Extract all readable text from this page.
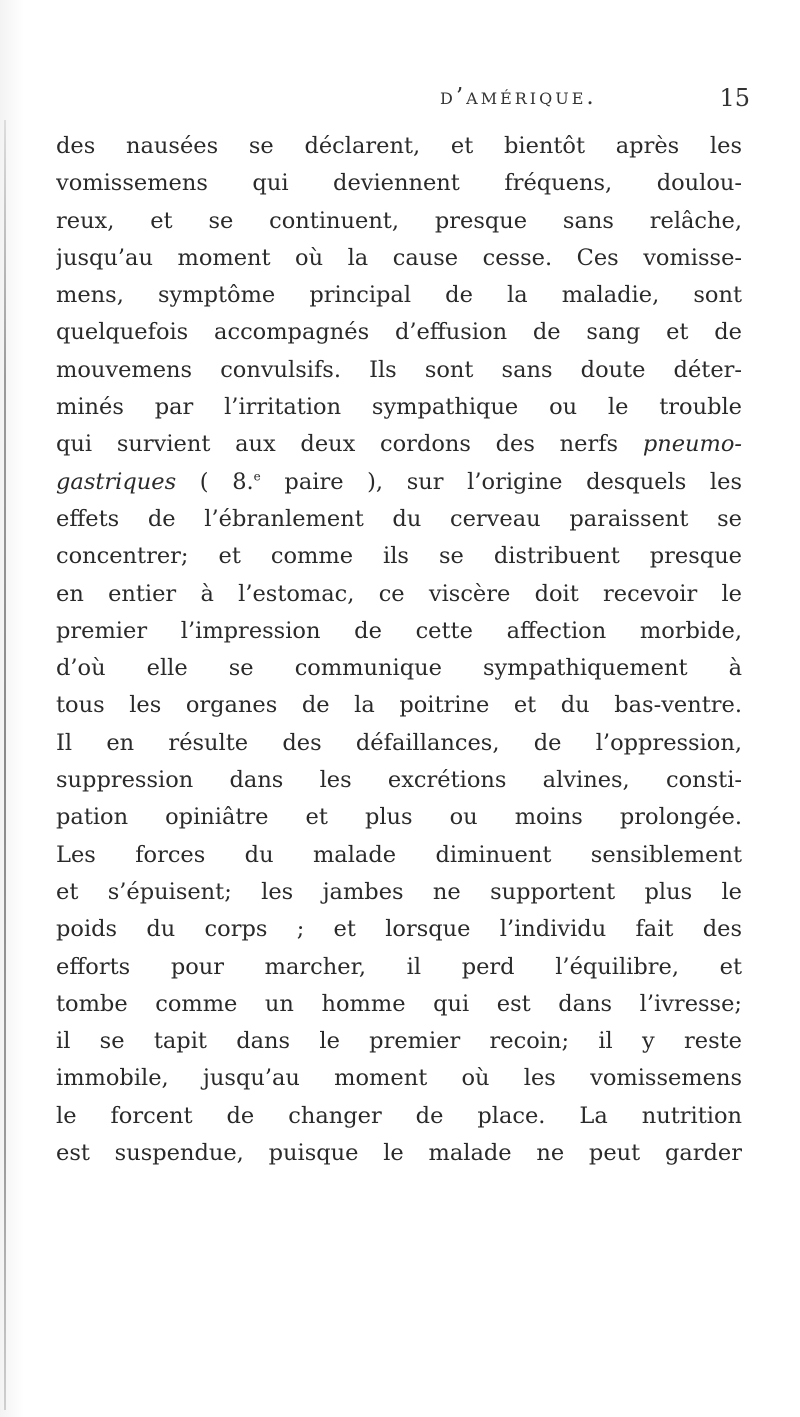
d’amérique.	15
des nausées se déclarent, et bientôt après les
vomissemens qui deviennent fréquens, doulou-
reux, et se continuent, presque sans relâche,
jusqu’au moment où la cause cesse. Ces vomisse-
mens, symptôme principal de la maladie, sont
quelquefois accompagnés d’effusion de sang et de
mouvemens convulsifs. Ils sont sans doute déter-
minés par l’irritation sympathique ou le trouble
qui survient aux deux cordons des nerfs pneumo-
gastriques ( 8.$^e$ paire ), sur l’origine desquels les
effets de l’ébranlement du cerveau paraissent se
concentrer; et comme ils se distribuent presque
en entier à l’estomac, ce viscère doit recevoir le
premier l’impression de cette affection morbide,
d’où elle se communique sympathiquement à
tous les organes de la poitrine et du bas-ventre.
Il en résulte des défaillances, de l’oppression,
suppression dans les excrétions alvines, consti-
pation opiniâtre et plus ou moins prolongée.
Les forces du malade diminuent sensiblement
et s’épuisent; les jambes ne supportent plus le
poids du corps ; et lorsque l’individu fait des
efforts pour marcher, il perd l’équilibre, et
tombe comme un homme qui est dans l’ivresse;
il se tapit dans le premier recoin; il y reste
immobile, jusqu’au moment où les vomissemens
le forcent de changer de place. La nutrition
est suspendue, puisque le malade ne peut garder
